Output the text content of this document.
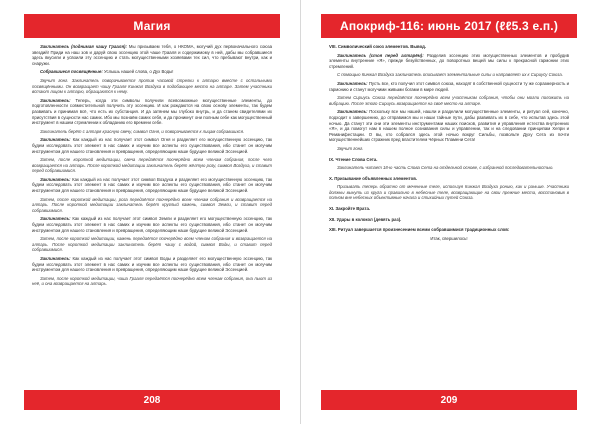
Магия

Заклинатель (поднимая чашу Грааля): Мы призываем тебя, о НКОМА, могучий дух первоначального союза звездий! Приди на наш зов и даруй свою эссенцию этой чаше Грааля и содержимому в ней, дабы мы собравшиеся здесь вкусили и усвоили эту эссенцию и стать могущественными хозяевами тех сил, что пребывают внутри, как и снаружи.

Собравшиеся посвящённые: Услышь нашей слова, о Дух Воды!

Звучит гонг. Заклинатель поворачивается против часовой стрелки к алтарю вместе с остальными посвящёнными. Он возвращает чашу Грааля Кинжал Воздуха в подобающее место на алтаре. Затем участники встают лицом к алтарю, обращаются к нему.

Заклинатель: Теперь, когда эти символы получили всевозможные могущественные элементы, до подготовленности совместительной получить эту эссенцию. И как рождаются на свою основу элементы, так будем развивать и принимая всё, что есть их субстанция. И да затянем мы глубоко внутрь, и да станем свидетелями их присутствия в сущности нас самих. Ибо мы познаём самих себя, и да проникнут они полным себе как могущественный инструмент в нашем стремлении к обладанию его времени себе.

Заклинатель берёт с алтаря красную свечу, символ Огня, и поворачивается к лицам собравшихся.

Заклинатель: Как каждый из нас получает этот символ Огня и разделяет его могущественную эссенцию, так будем исследовать этот элемент в нас самих и изучим все аспекты его существования, ибо станет он могучим инструментом для нашего становления и превращения, определяющим наше будущее великой Эссенцией.

Затем, после короткой медитации, свеча передаётся поочерёдно всем членам собрания, после чего возвращается на алтарь. После короткой медитации заклинатель берёт жёлтую розу, символ Воздуха, и ставит перед собравшимися.

Заклинатель: Как каждый из нас получает этот символ Воздуха и разделяет его могущественную эссенцию, так будем исследовать этот элемент в нас самих и изучим все аспекты его существования, ибо станет он могучим инструментом для нашего становления и превращения, определяющим наше будущее великой Эссенцией.

Затем, после короткой медитации, роза передаётся поочерёдно всем членам собрания и возвращается на алтарь. После короткой медитации заклинатель берёт круглый камень, символ Земли, и ставит перед собравшимися.

Заклинатель: Как каждый из нас получает этот символ Земли и разделяет его могущественную эссенцию, так будем исследовать этот элемент в нас самих и изучим все аспекты его существования, ибо станет он могучим инструментом для нашего становления и превращения, определяющим наше будущее великой Эссенцией.

Затем, после короткой медитации, камень передаётся поочерёдно всем членам собрания и возвращается на алтарь. После короткой медитации заклинатель берёт чашу с водой, символ Воды, и ставит перед собравшимися.

Заклинатель: Как каждый из нас получает этот символ Воды и разделяет его могущественную эссенцию, так будем исследовать этот элемент в нас самих и изучим все аспекты его существования, ибо станет он могучим инструментом для нашего становления и превращения, определяющим наше будущее великой Эссенцией.

Затем, после короткой медитации, чаша Грааля передаётся поочерёдно всем членам собрания, она пьют из неё, и она возвращается на алтарь.

208
Апокриф-116: июнь 2017 (ℓℓ5.3 е.п.)

VIII. Символический союз элементов. Вывод.

Заклинатель (стоя перед алтарём): Разделив эссенцию этих могущественных элементов и пробудив элементы внутренние «Я», прежде безуйственных, до поворотных вещей мы силы к прекрасной гармонии этих стремлений.

С помощью Кинжал Воздуха заклинатель описывает элементальные силы и направляет их к Сириусу Союза.

Заклинатель: Пусть все, кто получил этот символ союза, находят в собственной сущности ту же соразмерность и гармонию и станут могучими живыми богами в мире людей.

Затем Сириусь Союза передаётся поочерёдно всем участникам собрания, чтобы они могли положить на вибрацию. После этого Сириусь возвращается на своё место на алтаре.

Заклинатель: Поскольку все мы нашей, нашли и разделили могущественные элементы, и ритуал сей, конечно, подходит к завершению, до отправимся мы и наши тайные пути, дабы развивать их в себе, что испытав здесь этой ночью. Да станут эти они эти элементы инструментами наших поисков, развития и управления естества внутренних «Я», и да помогут нам в нашем полное сознавания силы и управлении, так и на следовании принципам Хепри и Реманифестации. О вы, кто собрался здесь этой ночью вокруг Сильбы, позвольте Духу Сета из почти могущественнейших стражник пред властителем Чёрных Пламени Сета!

Звучит гонг.

IX. Чтение Слова Сета.

Заклинатель читает 18-ю часть Слова Сета на отдельной основе, с избранной последовательностью.

X. Призывание объявленных элементов.

Призывать теперь обратно от меченные теле, используя Кинжал Воздуха ронию, как и раньше. Участники должны вынуть из круга и правильно в небесные теле, возвращающие на свои прежние места, восстановив в полном вне небесных объективные начала и стихийных путей Союза.

XI. Закройте Врата.

XII. Удары в колокол (девять раз).

XIII. Ритуал завершается произнесением всеми собравшимися традиционных слов:

Итак, свершилось!

209
